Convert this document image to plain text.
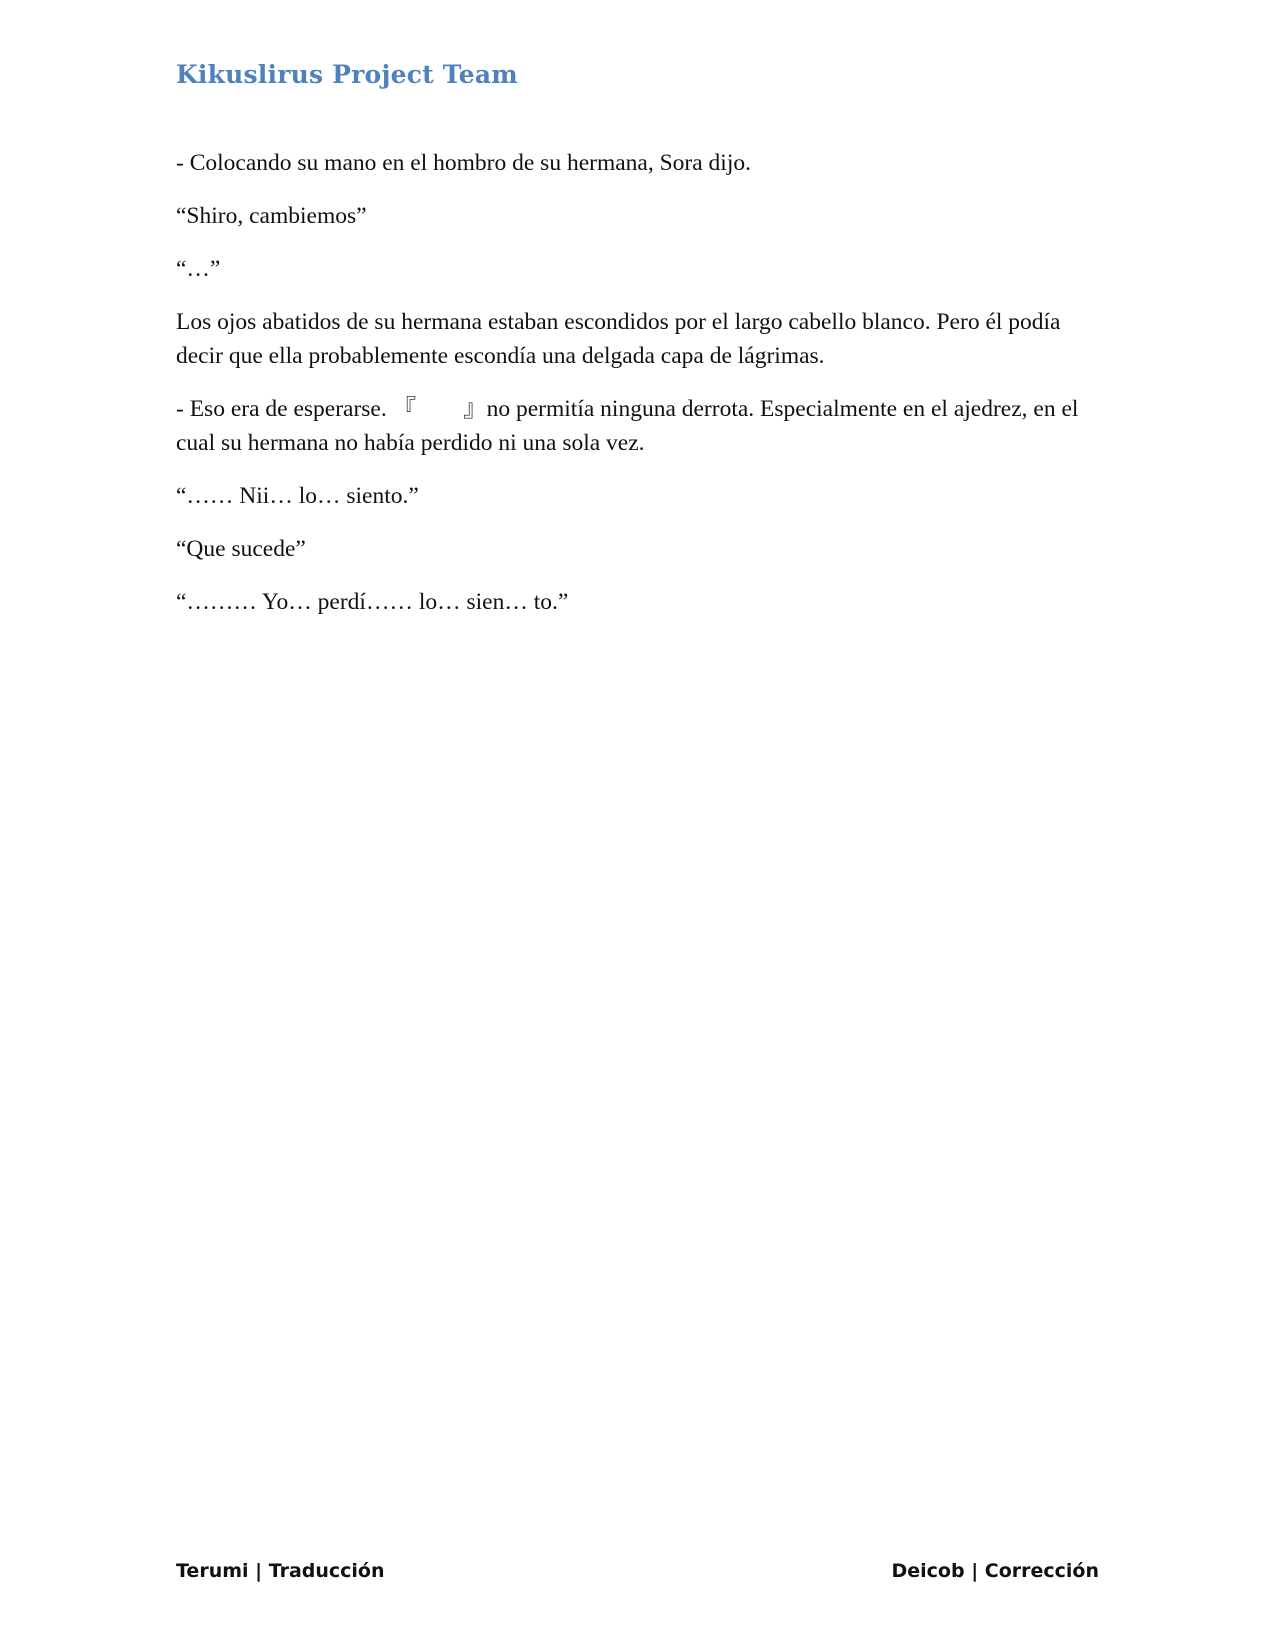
Kikuslirus Project Team

- Colocando su mano en el hombro de su hermana, Sora dijo.

“Shiro, cambiemos”

“…”

Los ojos abatidos de su hermana estaban escondidos por el largo cabello blanco. Pero él podía decir que ella probablemente escondía una delgada capa de lágrimas.

- Eso era de esperarse. 『　　』no permitía ninguna derrota. Especialmente en el ajedrez, en el cual su hermana no había perdido ni una sola vez.

“…… Nii… lo… siento.”

“Que sucede”

“……… Yo… perdí…… lo… sien… to.”

Terumi | Traducción	Deicob | Corrección
